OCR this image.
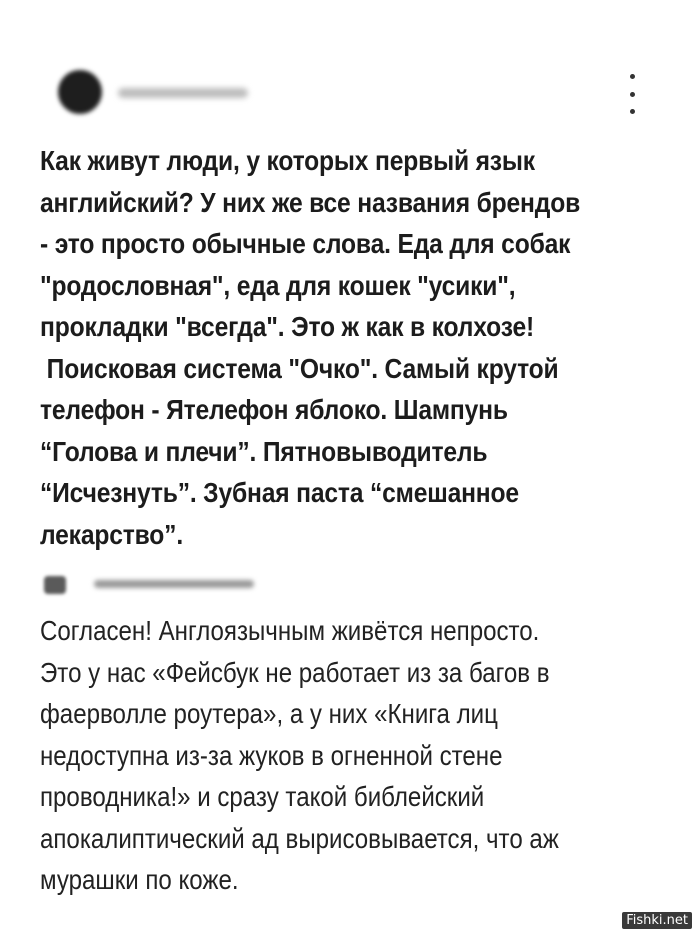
Как живут люди, у которых первый язык
английский? У них же все названия брендов
- это просто обычные слова. Еда для собак
"родословная", еда для кошек "усики",
прокладки "всегда". Это ж как в колхозе!
Поисковая система "Очко". Самый крутой
телефон - Ятелефон яблоко. Шампунь
“Голова и плечи”. Пятновыводитель
“Исчезнуть”. Зубная паста “смешанное
лекарство”.
Согласен! Англоязычным живётся непросто.
Это у нас «Фейсбук не работает из за багов в
фаерволле роутера», а у них «Книга лиц
недоступна из-за жуков в огненной стене
проводника!» и сразу такой библейский
апокалиптический ад вырисовывается, что аж
мурашки по коже.
Fishki.net
